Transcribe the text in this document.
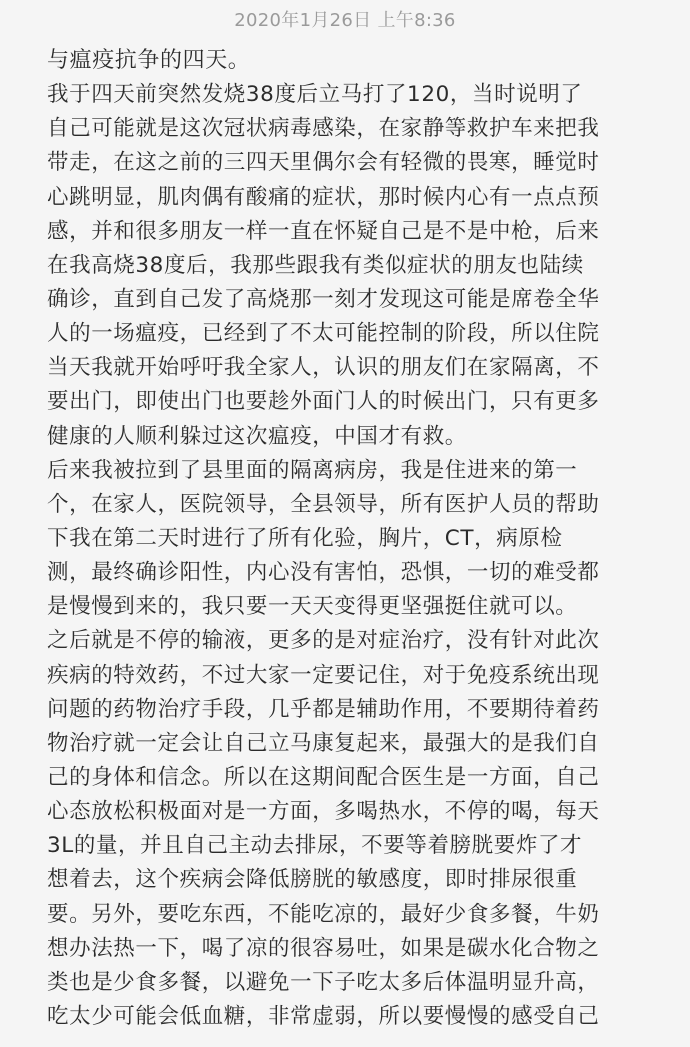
2020年1月26日 上午8:36
与瘟疫抗争的四天。
我于四天前突然发烧38度后立马打了120，当时说明了
自己可能就是这次冠状病毒感染，在家静等救护车来把我
带走，在这之前的三四天里偶尔会有轻微的畏寒，睡觉时
心跳明显，肌肉偶有酸痛的症状，那时候内心有一点点预
感，并和很多朋友一样一直在怀疑自己是不是中枪，后来
在我高烧38度后，我那些跟我有类似症状的朋友也陆续
确诊，直到自己发了高烧那一刻才发现这可能是席卷全华
人的一场瘟疫，已经到了不太可能控制的阶段，所以住院
当天我就开始呼吁我全家人，认识的朋友们在家隔离，不
要出门，即使出门也要趁外面门人的时候出门，只有更多
健康的人顺利躲过这次瘟疫，中国才有救。
后来我被拉到了县里面的隔离病房，我是住进来的第一
个，在家人，医院领导，全县领导，所有医护人员的帮助
下我在第二天时进行了所有化验，胸片，CT，病原检
测，最终确诊阳性，内心没有害怕，恐惧，一切的难受都
是慢慢到来的，我只要一天天变得更坚强挺住就可以。
之后就是不停的输液，更多的是对症治疗，没有针对此次
疾病的特效药，不过大家一定要记住，对于免疫系统出现
问题的药物治疗手段，几乎都是辅助作用，不要期待着药
物治疗就一定会让自己立马康复起来，最强大的是我们自
己的身体和信念。所以在这期间配合医生是一方面，自己
心态放松积极面对是一方面，多喝热水，不停的喝，每天
3L的量，并且自己主动去排尿，不要等着膀胱要炸了才
想着去，这个疾病会降低膀胱的敏感度，即时排尿很重
要。另外，要吃东西，不能吃凉的，最好少食多餐，牛奶
想办法热一下，喝了凉的很容易吐，如果是碳水化合物之
类也是少食多餐，以避免一下子吃太多后体温明显升高，
吃太少可能会低血糖，非常虚弱，所以要慢慢的感受自己
